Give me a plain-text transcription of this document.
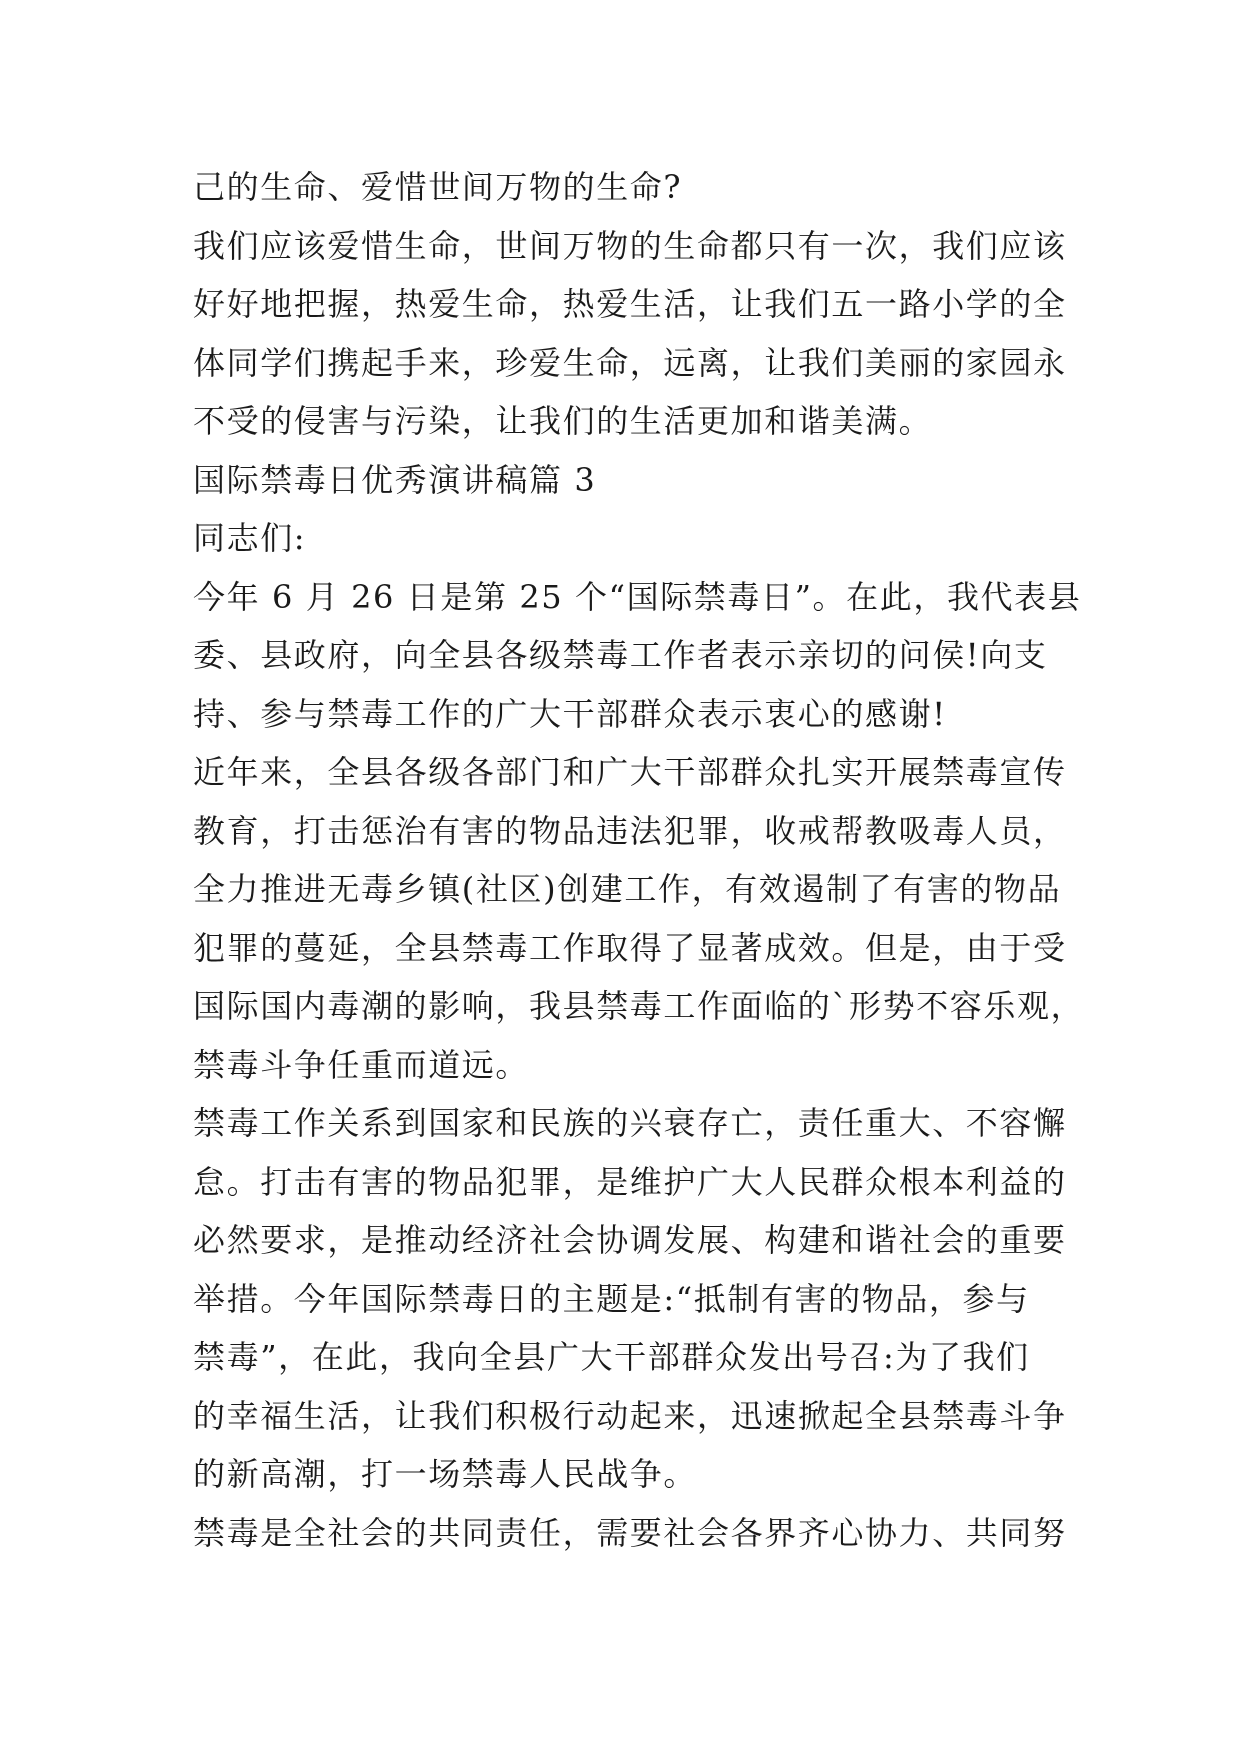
己的生命、爱惜世间万物的生命?
我们应该爱惜生命，世间万物的生命都只有一次，我们应该
好好地把握，热爱生命，热爱生活，让我们五一路小学的全
体同学们携起手来，珍爱生命，远离，让我们美丽的家园永
不受的侵害与污染，让我们的生活更加和谐美满。
国际禁毒日优秀演讲稿篇 3
同志们:
今年 6 月 26 日是第 25 个“国际禁毒日”。在此，我代表县
委、县政府，向全县各级禁毒工作者表示亲切的问侯!向支
持、参与禁毒工作的广大干部群众表示衷心的感谢!
近年来，全县各级各部门和广大干部群众扎实开展禁毒宣传
教育，打击惩治有害的物品违法犯罪，收戒帮教吸毒人员，
全力推进无毒乡镇(社区)创建工作，有效遏制了有害的物品
犯罪的蔓延，全县禁毒工作取得了显著成效。但是，由于受
国际国内毒潮的影响，我县禁毒工作面临的`形势不容乐观，
禁毒斗争任重而道远。
禁毒工作关系到国家和民族的兴衰存亡，责任重大、不容懈
怠。打击有害的物品犯罪，是维护广大人民群众根本利益的
必然要求，是推动经济社会协调发展、构建和谐社会的重要
举措。今年国际禁毒日的主题是:“抵制有害的物品，参与
禁毒”，在此，我向全县广大干部群众发出号召:为了我们
的幸福生活，让我们积极行动起来，迅速掀起全县禁毒斗争
的新高潮，打一场禁毒人民战争。
禁毒是全社会的共同责任，需要社会各界齐心协力、共同努
